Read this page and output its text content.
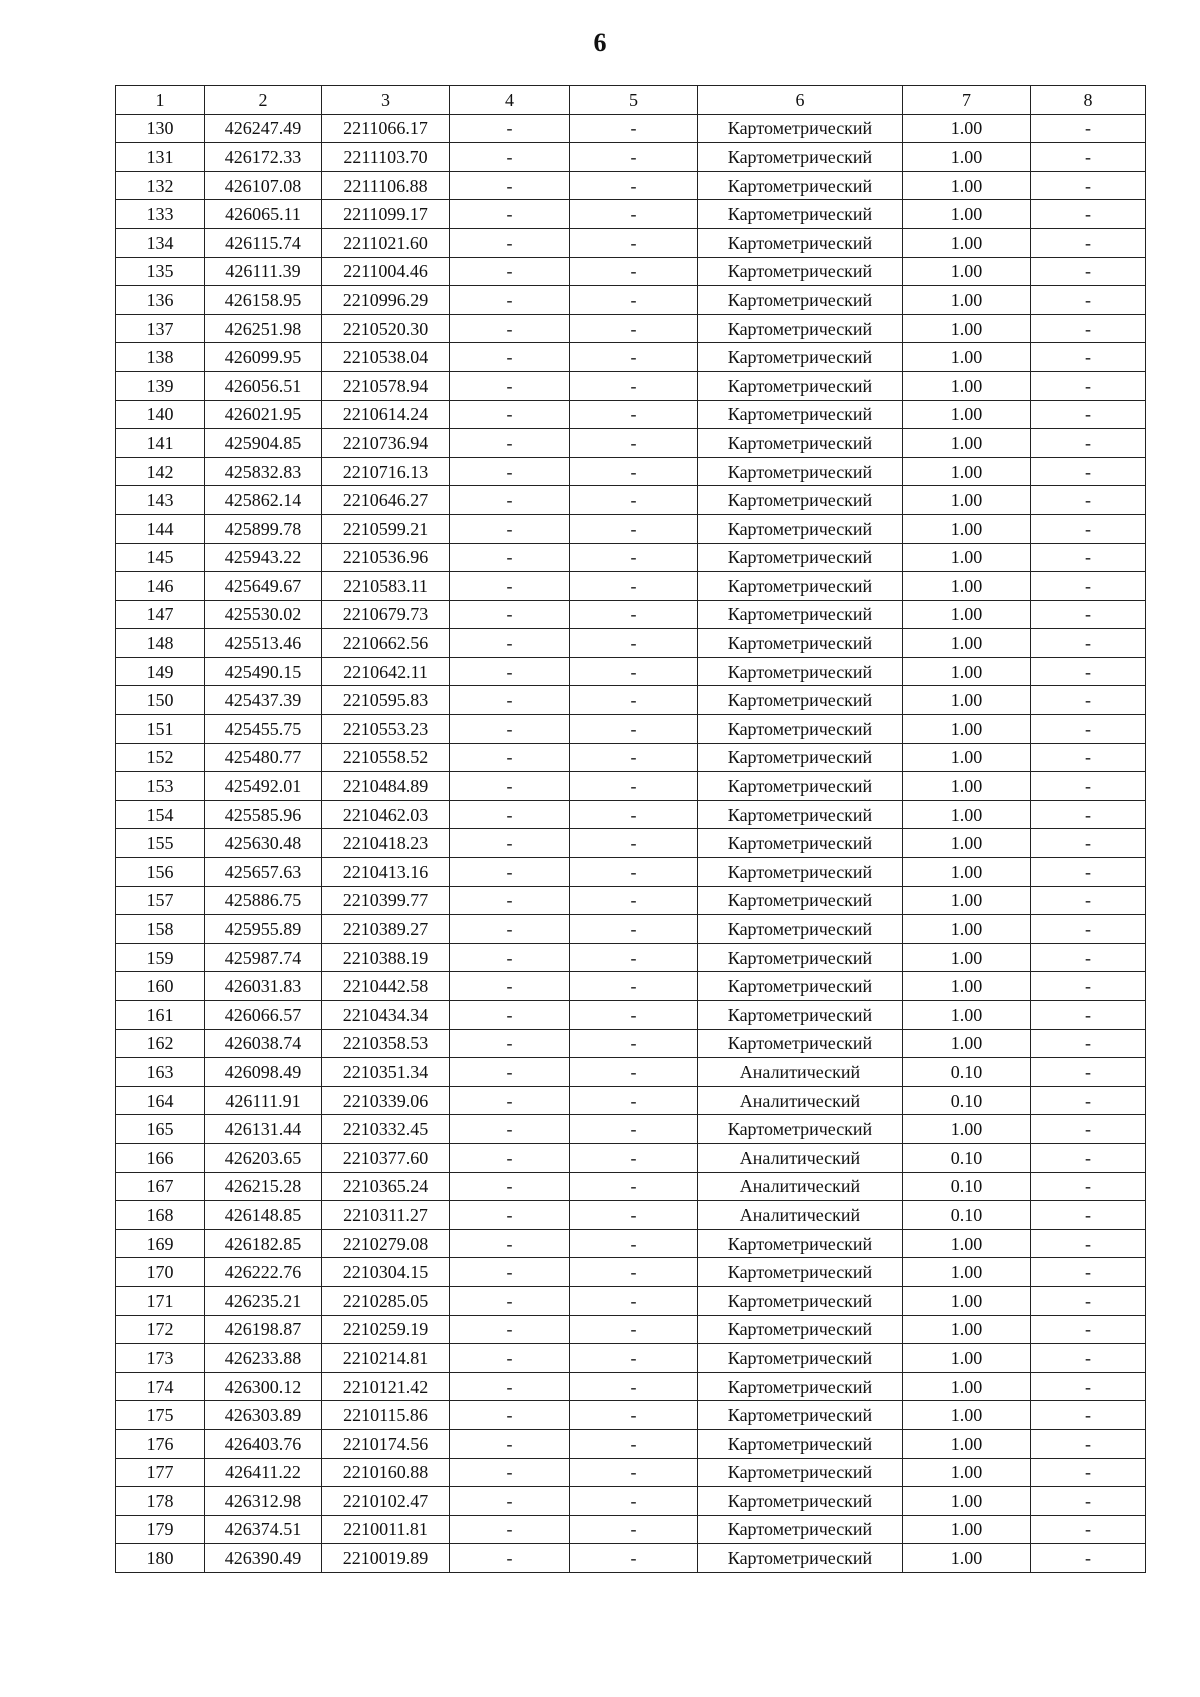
6
1	2	3	4	5	6	7	8
130	426247.49	2211066.17	-	-	Картометрический	1.00	-
131	426172.33	2211103.70	-	-	Картометрический	1.00	-
132	426107.08	2211106.88	-	-	Картометрический	1.00	-
133	426065.11	2211099.17	-	-	Картометрический	1.00	-
134	426115.74	2211021.60	-	-	Картометрический	1.00	-
135	426111.39	2211004.46	-	-	Картометрический	1.00	-
136	426158.95	2210996.29	-	-	Картометрический	1.00	-
137	426251.98	2210520.30	-	-	Картометрический	1.00	-
138	426099.95	2210538.04	-	-	Картометрический	1.00	-
139	426056.51	2210578.94	-	-	Картометрический	1.00	-
140	426021.95	2210614.24	-	-	Картометрический	1.00	-
141	425904.85	2210736.94	-	-	Картометрический	1.00	-
142	425832.83	2210716.13	-	-	Картометрический	1.00	-
143	425862.14	2210646.27	-	-	Картометрический	1.00	-
144	425899.78	2210599.21	-	-	Картометрический	1.00	-
145	425943.22	2210536.96	-	-	Картометрический	1.00	-
146	425649.67	2210583.11	-	-	Картометрический	1.00	-
147	425530.02	2210679.73	-	-	Картометрический	1.00	-
148	425513.46	2210662.56	-	-	Картометрический	1.00	-
149	425490.15	2210642.11	-	-	Картометрический	1.00	-
150	425437.39	2210595.83	-	-	Картометрический	1.00	-
151	425455.75	2210553.23	-	-	Картометрический	1.00	-
152	425480.77	2210558.52	-	-	Картометрический	1.00	-
153	425492.01	2210484.89	-	-	Картометрический	1.00	-
154	425585.96	2210462.03	-	-	Картометрический	1.00	-
155	425630.48	2210418.23	-	-	Картометрический	1.00	-
156	425657.63	2210413.16	-	-	Картометрический	1.00	-
157	425886.75	2210399.77	-	-	Картометрический	1.00	-
158	425955.89	2210389.27	-	-	Картометрический	1.00	-
159	425987.74	2210388.19	-	-	Картометрический	1.00	-
160	426031.83	2210442.58	-	-	Картометрический	1.00	-
161	426066.57	2210434.34	-	-	Картометрический	1.00	-
162	426038.74	2210358.53	-	-	Картометрический	1.00	-
163	426098.49	2210351.34	-	-	Аналитический	0.10	-
164	426111.91	2210339.06	-	-	Аналитический	0.10	-
165	426131.44	2210332.45	-	-	Картометрический	1.00	-
166	426203.65	2210377.60	-	-	Аналитический	0.10	-
167	426215.28	2210365.24	-	-	Аналитический	0.10	-
168	426148.85	2210311.27	-	-	Аналитический	0.10	-
169	426182.85	2210279.08	-	-	Картометрический	1.00	-
170	426222.76	2210304.15	-	-	Картометрический	1.00	-
171	426235.21	2210285.05	-	-	Картометрический	1.00	-
172	426198.87	2210259.19	-	-	Картометрический	1.00	-
173	426233.88	2210214.81	-	-	Картометрический	1.00	-
174	426300.12	2210121.42	-	-	Картометрический	1.00	-
175	426303.89	2210115.86	-	-	Картометрический	1.00	-
176	426403.76	2210174.56	-	-	Картометрический	1.00	-
177	426411.22	2210160.88	-	-	Картометрический	1.00	-
178	426312.98	2210102.47	-	-	Картометрический	1.00	-
179	426374.51	2210011.81	-	-	Картометрический	1.00	-
180	426390.49	2210019.89	-	-	Картометрический	1.00	-
